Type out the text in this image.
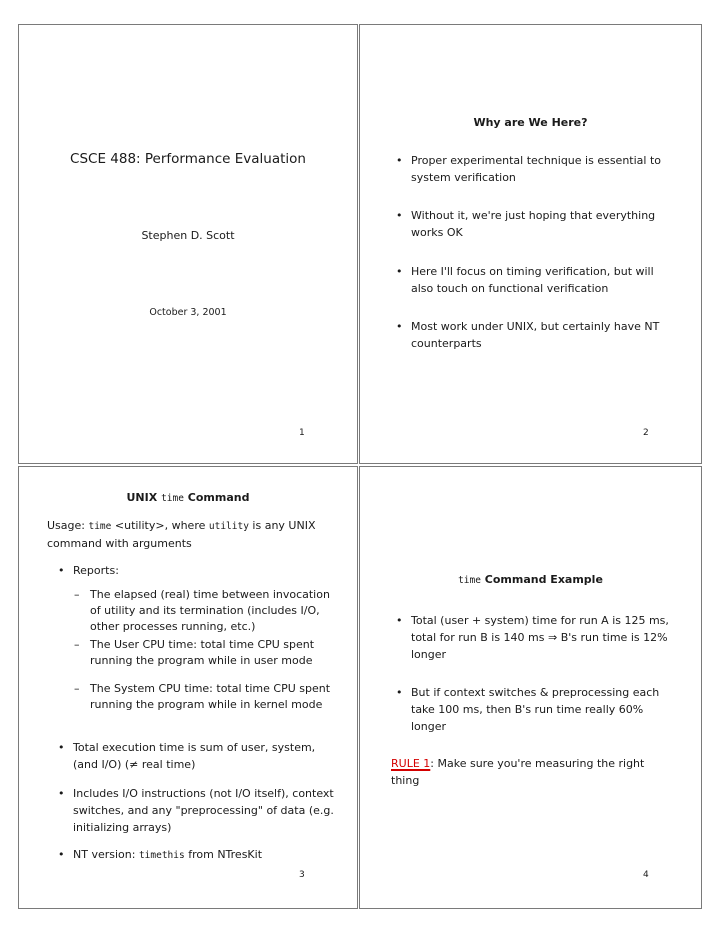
CSCE 488: Performance Evaluation
Stephen D. Scott
October 3, 2001
1
Why are We Here?
• Proper experimental technique is essential to system verification
• Without it, we're just hoping that everything works OK
• Here I'll focus on timing verification, but will also touch on functional verification
• Most work under UNIX, but certainly have NT counterparts
2
UNIX time Command
Usage: time <utility>, where utility is any UNIX command with arguments
• Reports:
– The elapsed (real) time between invocation of utility and its termination (includes I/O, other processes running, etc.)
– The User CPU time: total time CPU spent running the program while in user mode
– The System CPU time: total time CPU spent running the program while in kernel mode
• Total execution time is sum of user, system, (and I/O) (≠ real time)
• Includes I/O instructions (not I/O itself), context switches, and any "preprocessing" of data (e.g. initializing arrays)
• NT version: timethis from NTresKit
3
time Command Example
• Total (user + system) time for run A is 125 ms, total for run B is 140 ms ⇒ B's run time is 12% longer
• But if context switches & preprocessing each take 100 ms, then B's run time really 60% longer
RULE 1: Make sure you're measuring the right thing
4
